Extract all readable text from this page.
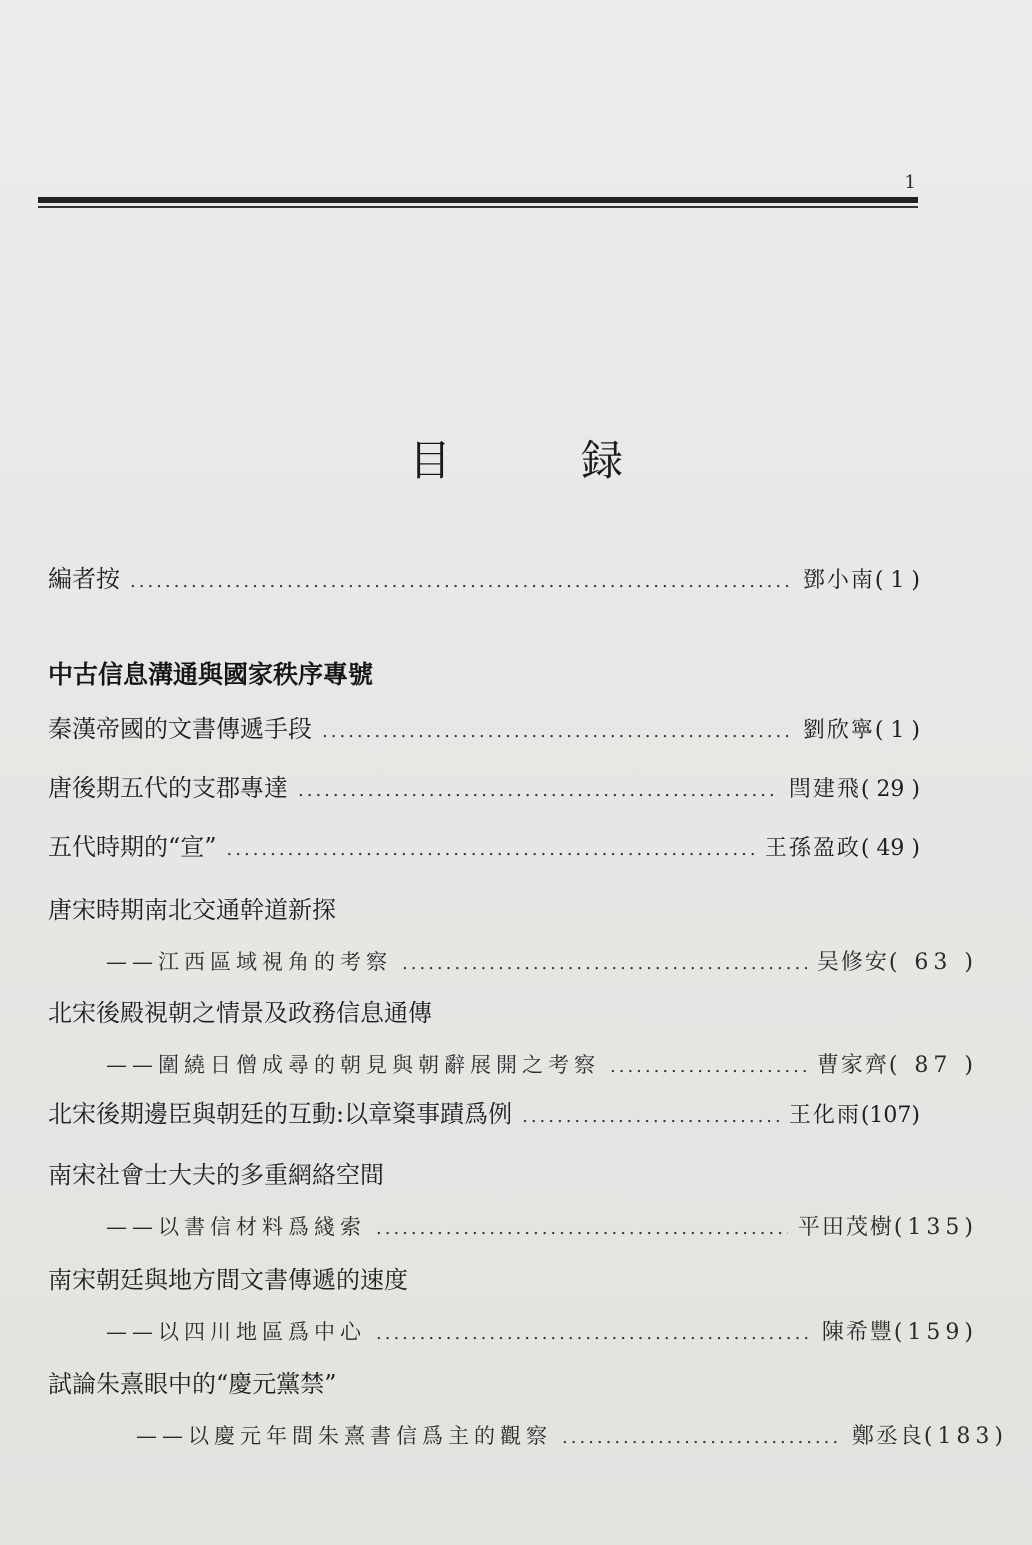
1
目　録
編者按 .....	鄧小南 ( 1 )
中古信息溝通與國家秩序專號
秦漢帝國的文書傳遞手段 .....	劉欣寧 ( 1 )
唐後期五代的支郡專達 .....	閆建飛 ( 29 )
五代時期的“宣” .....	王孫盈政 ( 49 )
唐宋時期南北交通幹道新探
——江西區域視角的考察 .....	吴修安 ( 63 )
北宋後殿視朝之情景及政務信息通傳
——圍繞日僧成尋的朝見與朝辭展開之考察 .....	曹家齊 ( 87 )
北宋後期邊臣與朝廷的互動:以章楶事蹟爲例 .....	王化雨 (107)
南宋社會士大夫的多重網絡空間
——以書信材料爲綫索 .....	平田茂樹 (135)
南宋朝廷與地方間文書傳遞的速度
——以四川地區爲中心 .....	陳希豐 (159)
試論朱熹眼中的“慶元黨禁”
——以慶元年間朱熹書信爲主的觀察 .....	鄭丞良 (183)
